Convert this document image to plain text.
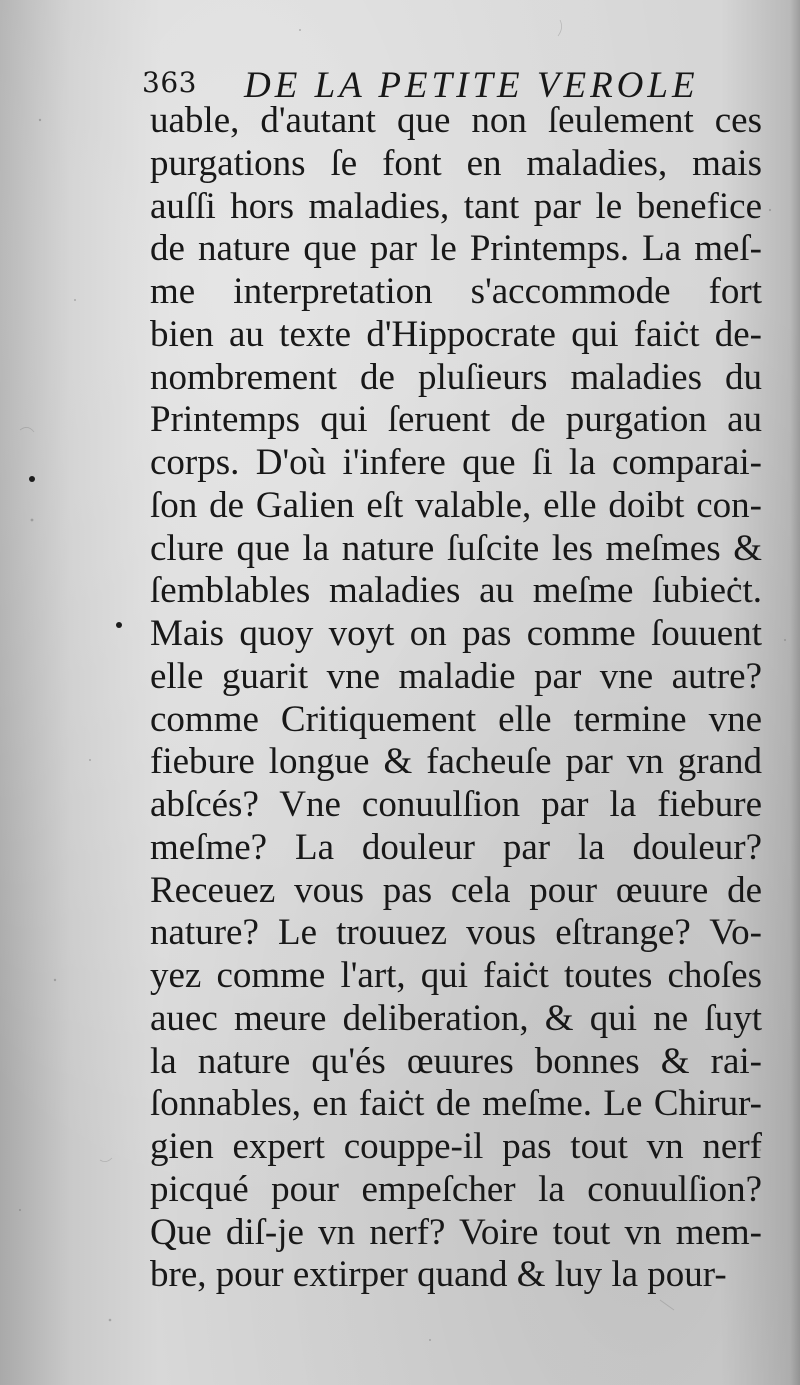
363 DE LA PETITE VEROLE
uable, d'autant que non ſeulement ces
purgations ſe font en maladies, mais
auſſi hors maladies, tant par le benefice
de nature que par le Printemps. La meſ-
me interpretation s'accommode fort
bien au texte d'Hippocrate qui faiċt de-
nombrement de pluſieurs maladies du
Printemps qui ſeruent de purgation au
corps. D'où i'infere que ſi la comparai-
ſon de Galien eſt valable, elle doibt con-
clure que la nature ſuſcite les meſmes &
ſemblables maladies au meſme ſubieċt.
Mais quoy voyt on pas comme ſouuent
elle guarit vne maladie par vne autre?
comme Critiquement elle termine vne
fiebure longue & facheuſe par vn grand
abſcés? Vne conuulſion par la fiebure
meſme? La douleur par la douleur?
Receuez vous pas cela pour œuure de
nature? Le trouuez vous eſtrange? Vo-
yez comme l'art, qui faiċt toutes choſes
auec meure deliberation, & qui ne ſuyt
la nature qu'és œuures bonnes & rai-
ſonnables, en faiċt de meſme. Le Chirur-
gien expert couppe-il pas tout vn nerf
picqué pour empeſcher la conuulſion?
Que diſ-je vn nerf? Voire tout vn mem-
bre, pour extirper quand & luy la pour-
